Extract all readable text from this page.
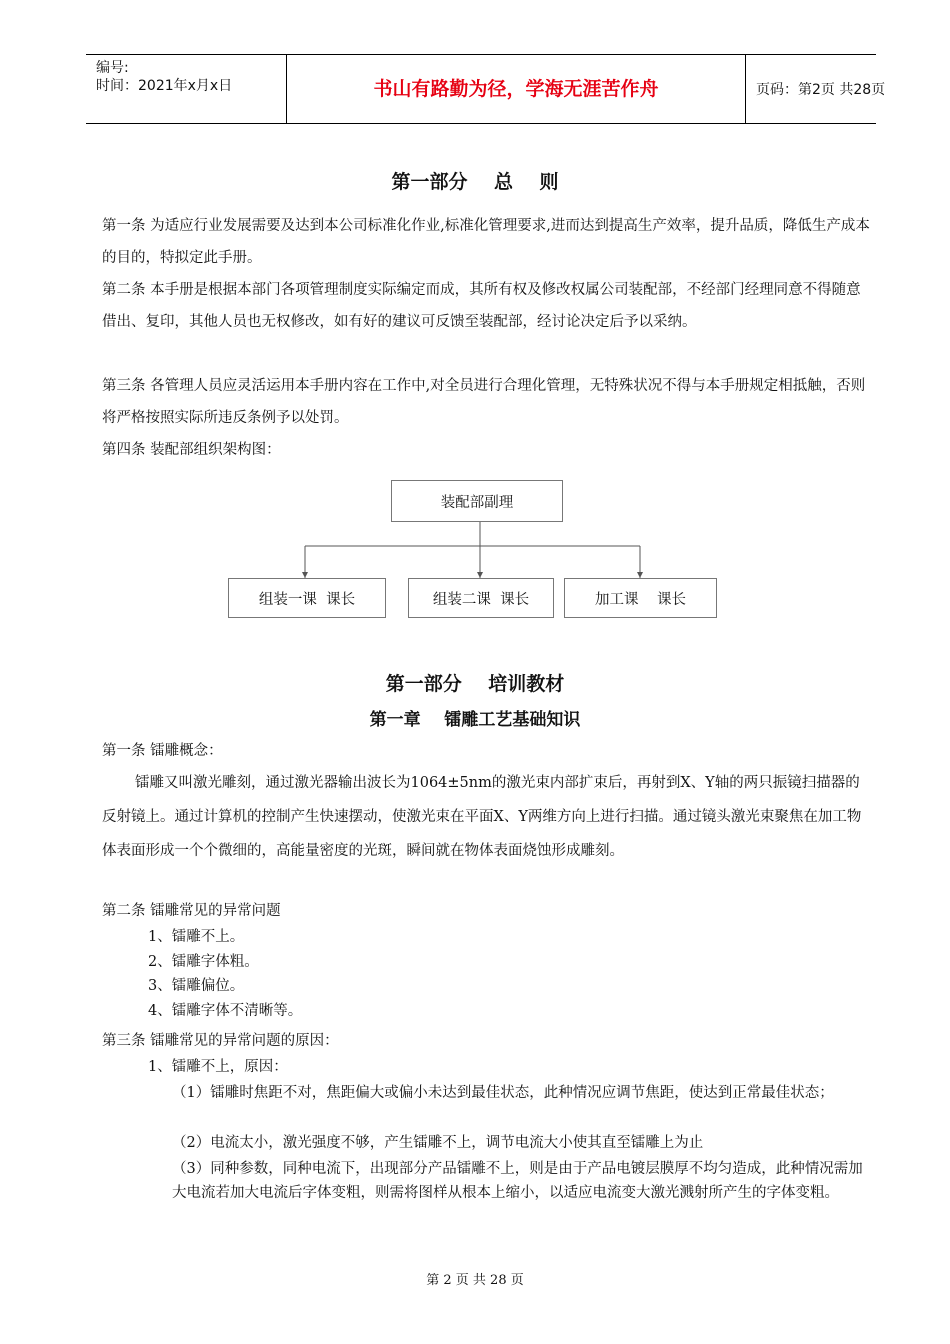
编号:
时间：2021年x月x日	书山有路勤为径，学海无涯苦作舟	页码：第2页 共28页
第一部分    总    则

第一条 为适应行业发展需要及达到本公司标准化作业,标准化管理要求,进而达到提高生产效率，提升品质，降低生产成本的目的，特拟定此手册。

第二条 本手册是根据本部门各项管理制度实际编定而成，其所有权及修改权属公司装配部，不经部门经理同意不得随意借出、复印，其他人员也无权修改，如有好的建议可反馈至装配部，经讨论决定后予以采纳。

第三条 各管理人员应灵活运用本手册内容在工作中,对全员进行合理化管理，无特殊状况不得与本手册规定相抵触，否则将严格按照实际所违反条例予以处罚。

第四条 装配部组织架构图：

装配部副理
组装一课  课长	组装二课  课长	加工课    课长
第一部分    培训教材
第一章    镭雕工艺基础知识
第一条 镭雕概念：

镭雕又叫激光雕刻，通过激光器输出波长为1064±5nm的激光束内部扩束后，再射到X、Y轴的两只振镜扫描器的反射镜上。通过计算机的控制产生快速摆动，使激光束在平面X、Y两维方向上进行扫描。通过镜头激光束聚焦在加工物体表面形成一个个微细的，高能量密度的光斑，瞬间就在物体表面烧蚀形成雕刻。

第二条 镭雕常见的异常问题
1、镭雕不上。
2、镭雕字体粗。
3、镭雕偏位。
4、镭雕字体不清晰等。
第三条 镭雕常见的异常问题的原因：
1、镭雕不上，原因：

（1）镭雕时焦距不对，焦距偏大或偏小未达到最佳状态，此种情况应调节焦距，使达到正常最佳状态；

（2）电流太小，激光强度不够，产生镭雕不上，调节电流大小使其直至镭雕上为止

（3）同种参数，同种电流下，出现部分产品镭雕不上，则是由于产品电镀层膜厚不均匀造成，此种情况需加大电流若加大电流后字体变粗，则需将图样从根本上缩小，以适应电流变大激光溅射所产生的字体变粗。

第 2 页 共 28 页
